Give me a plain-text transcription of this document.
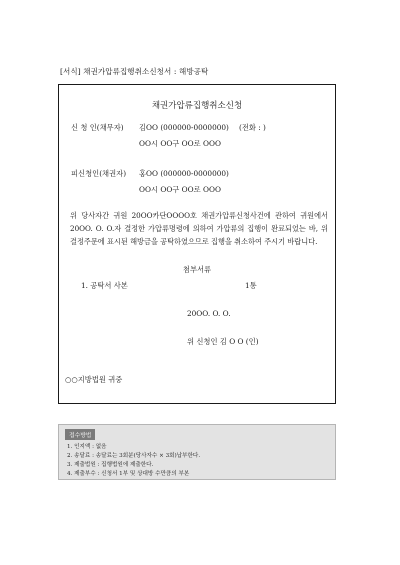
[서식] 채권가압류집행취소신청서 : 해방공탁
채권가압류집행취소신청
신 청 인(채무자) 김OO (000000-0000000) (전화 : )
OO시 OO구 OO로 OOO
피신청인(채권자) 홍OO (000000-0000000)
OO시 OO구 OO로 OOO
위 당사자간 귀원 20OO카단OOOO호 채권가압류신청사건에 관하여 귀원에서 20OO. O. O.자 결정한 가압류명령에 의하여 가압류의 집행이 완료되었는 바, 위 결정주문에 표시된 해방금을 공탁하였으므로 집행을 취소하여 주시기 바랍니다.
첨부서류
1. 공탁서 사본	1통
20OO. O. O.
위 신청인 김 O O (인)
○○지방법원 귀중
접수방법
1. 인지액 : 없음
2. 송달료 : 송달료는 3회분(당사자수 × 3회)납부한다.
3. 제출법원 : 집행법원에 제출한다.
4. 제출부수 : 신청서 1부 및 상대방 수만큼의 부본
